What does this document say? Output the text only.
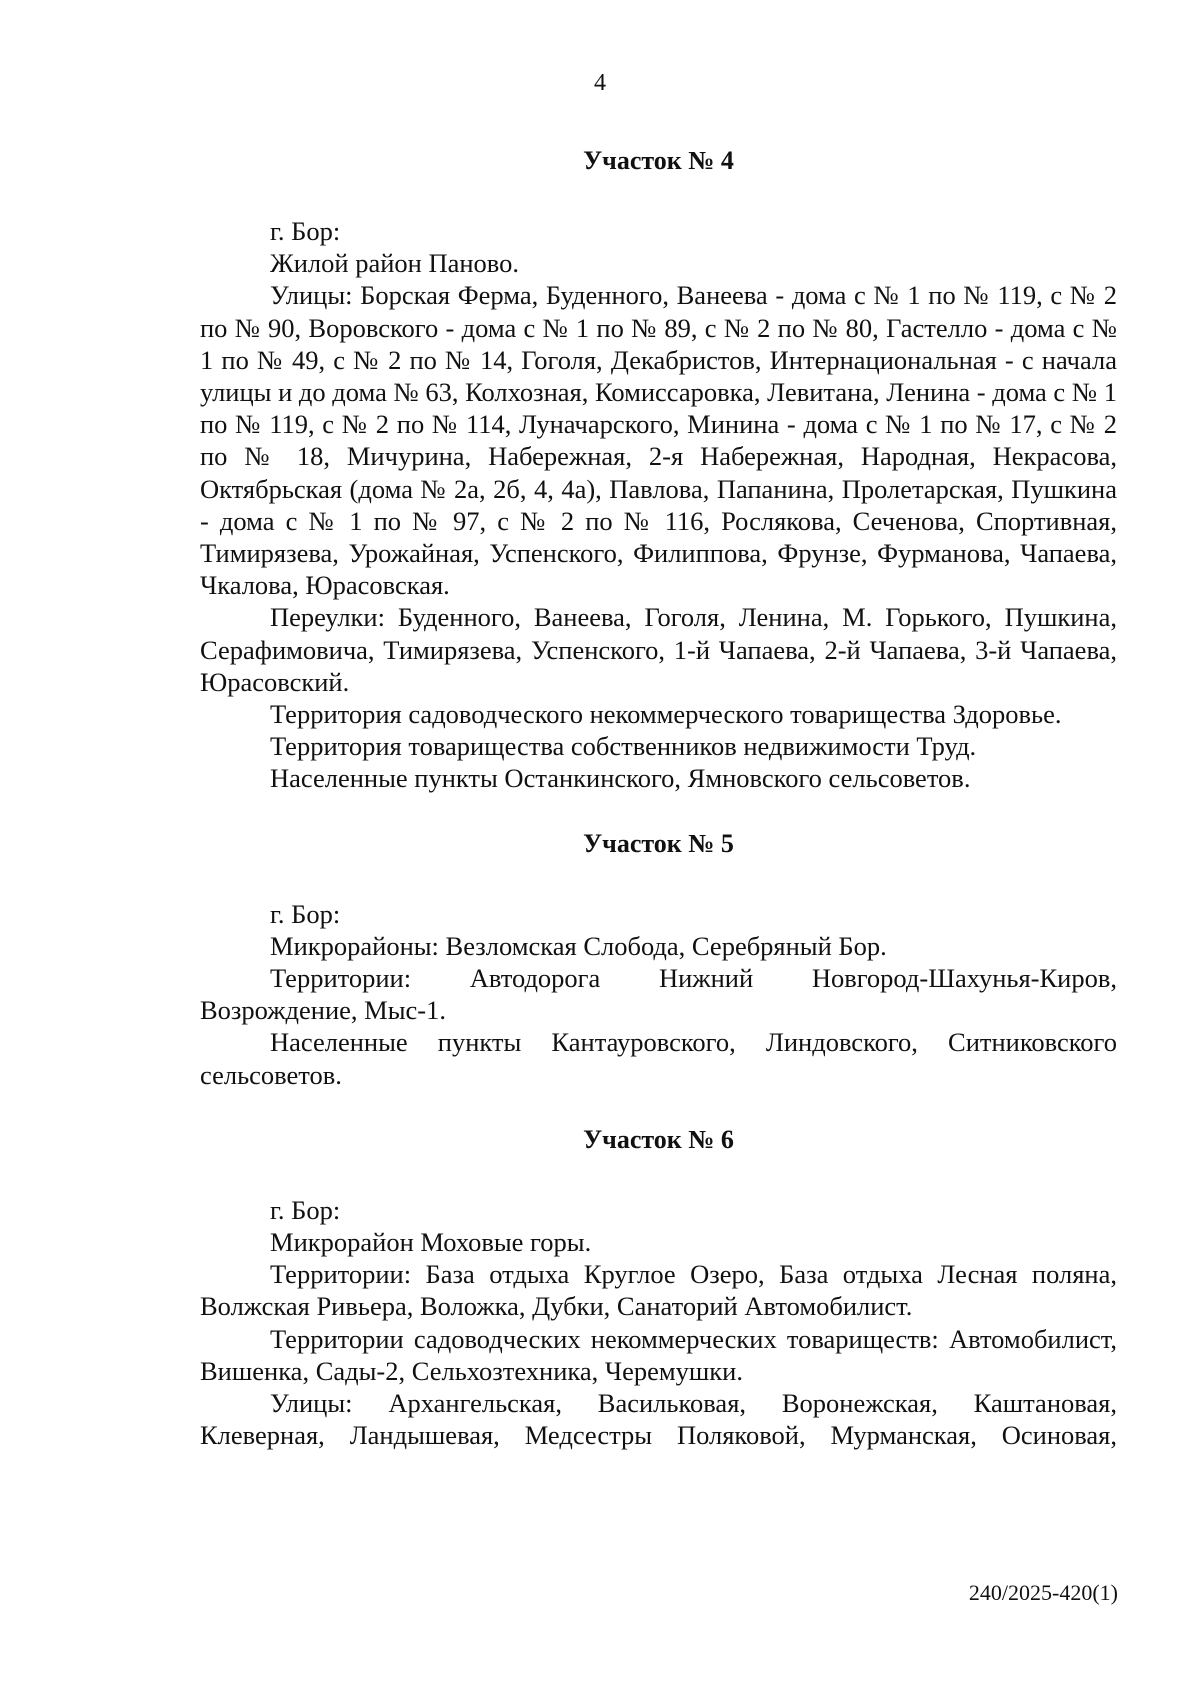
4
Участок № 4

г. Бор:

Жилой район Паново.

Улицы: Борская Ферма, Буденного, Ванеева - дома с № 1 по № 119, с № 2 по № 90, Воровского - дома с № 1 по № 89, с № 2 по № 80, Гастелло - дома с № 1 по № 49, с № 2 по № 14, Гоголя, Декабристов, Интернациональная - с начала улицы и до дома № 63, Колхозная, Комиссаровка, Левитана, Ленина - дома с № 1 по № 119, с № 2 по № 114, Луначарского, Минина - дома с № 1 по № 17, с № 2 по № 18, Мичурина, Набережная, 2-я Набережная, Народная, Некрасова, Октябрьская (дома № 2а, 2б, 4, 4а), Павлова, Папанина, Пролетарская, Пушкина - дома с № 1 по № 97, с № 2 по № 116, Рослякова, Сеченова, Спортивная, Тимирязева, Урожайная, Успенского, Филиппова, Фрунзе, Фурманова, Чапаева, Чкалова, Юрасовская.

Переулки: Буденного, Ванеева, Гоголя, Ленина, М. Горького, Пушкина, Серафимовича, Тимирязева, Успенского, 1-й Чапаева, 2-й Чапаева, 3-й Чапаева, Юрасовский.

Территория садоводческого некоммерческого товарищества Здоровье.

Территория товарищества собственников недвижимости Труд.

Населенные пункты Останкинского, Ямновского сельсоветов.

Участок № 5

г. Бор:

Микрорайоны: Везломская Слобода, Серебряный Бор.

Территории: Автодорога Нижний Новгород-Шахунья-Киров, Возрождение, Мыс-1.

Населенные пункты Кантауровского, Линдовского, Ситниковского сельсоветов.

Участок № 6

г. Бор:

Микрорайон Моховые горы.

Территории: База отдыха Круглое Озеро, База отдыха Лесная поляна, Волжская Ривьера, Воложка, Дубки, Санаторий Автомобилист.

Территории садоводческих некоммерческих товариществ: Автомобилист, Вишенка, Сады-2, Сельхозтехника, Черемушки.

Улицы: Архангельская, Васильковая, Воронежская, Каштановая, Клеверная, Ландышевая, Медсестры Поляковой, Мурманская, Осиновая,

240/2025-420(1)
